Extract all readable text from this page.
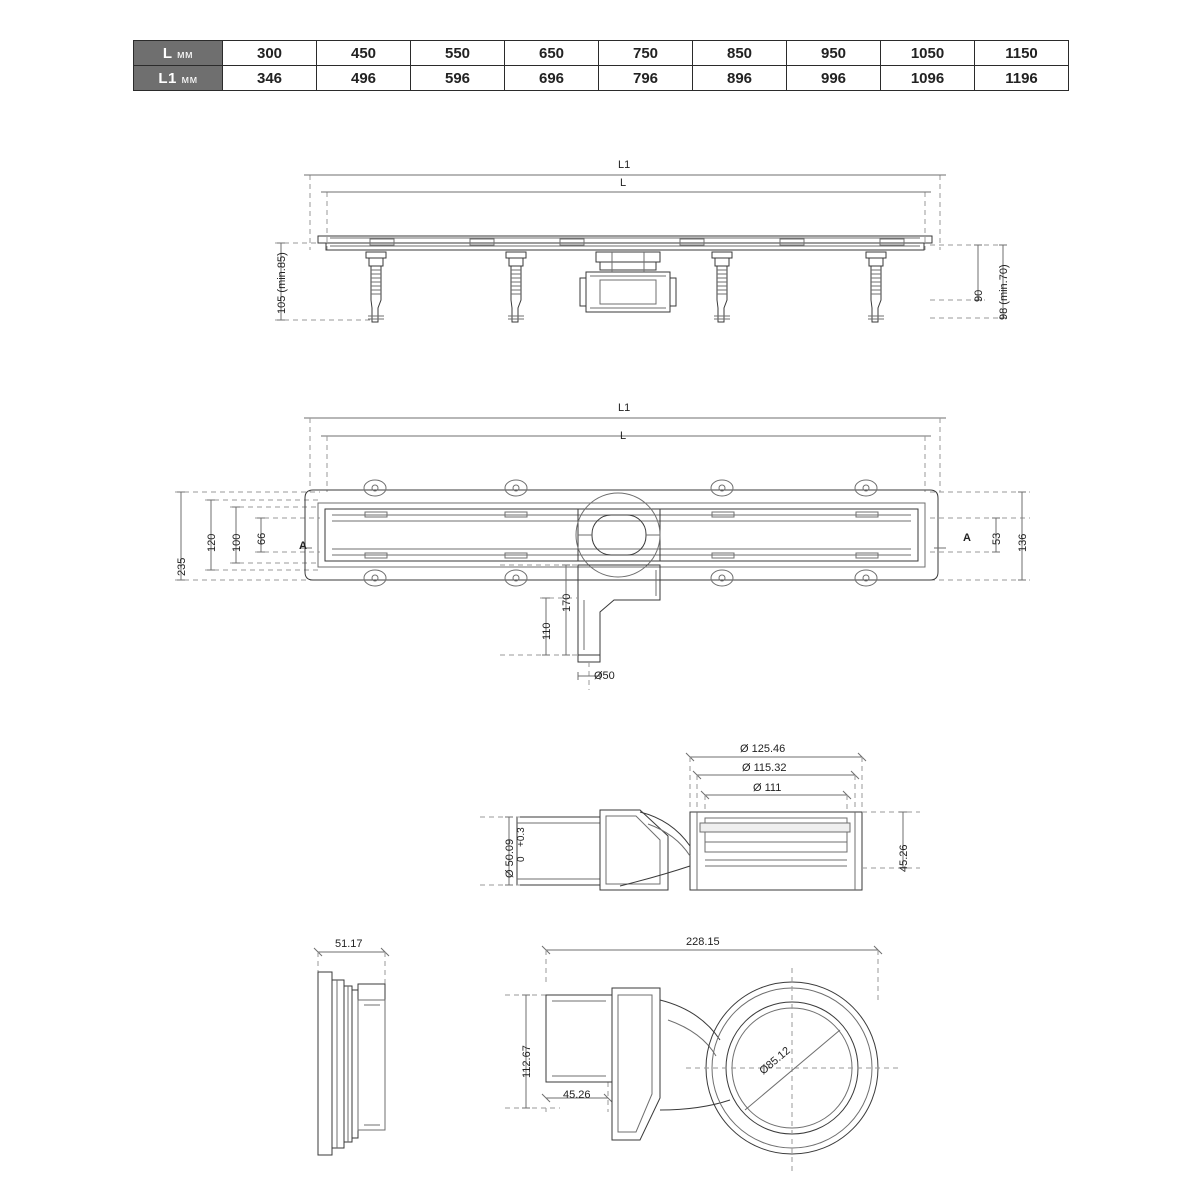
L мм	300	450	550	650	750	850	950	1050	1150
L1 мм	346	496	596	696	796	896	996	1096	1196
L1
L
105 (min.85)	90 98 (min.70)
L1
L
235
120 100 66	53 136
110
170
Ø50
A
A
Ø 125.46
Ø 115.32
Ø 111
Ø 50.09
+0.3
0	45.26
51.17	228.15
112.67
45.26
Ø85.12
